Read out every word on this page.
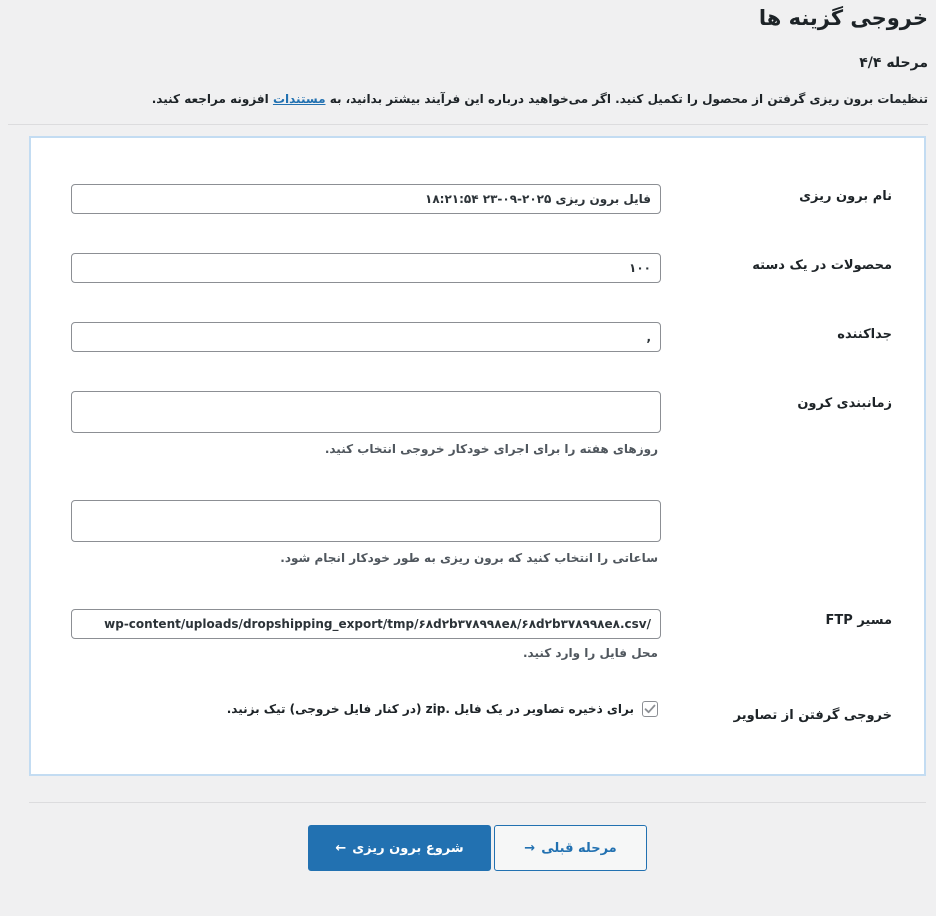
خروجی گزینه ها
مرحله ۴/۴
تنظیمات برون ریزی گرفتن از محصول را تکمیل کنید. اگر می‌خواهید درباره این فرآیند بیشتر بدانید، به مستندات افزونه مراجعه کنید.
نام برون ریزی
فایل برون ریزی ۲۰۲۵-۰۹-۲۳ ۱۸:۲۱:۵۴
محصولات در یک دسته
۱۰۰
جداکننده
,
زمانبندی کرون
روزهای هفته را برای اجرای خودکار خروجی انتخاب کنید.
ساعاتی را انتخاب کنید که برون ریزی به طور خودکار انجام شود.
مسیر FTP
wp-content/uploads/dropshipping_export/tmp/۶۸d۲b۳۷۸۹۹۸e۸/۶۸d۲b۳۷۸۹۹۸e۸.csv/
محل فایل را وارد کنید.
خروجی گرفتن از تصاویر
برای ذخیره تصاویر در یک فایل .zip (در کنار فایل خروجی) تیک بزنید.
مرحله قبلی
→
شروع برون ریزی
←
